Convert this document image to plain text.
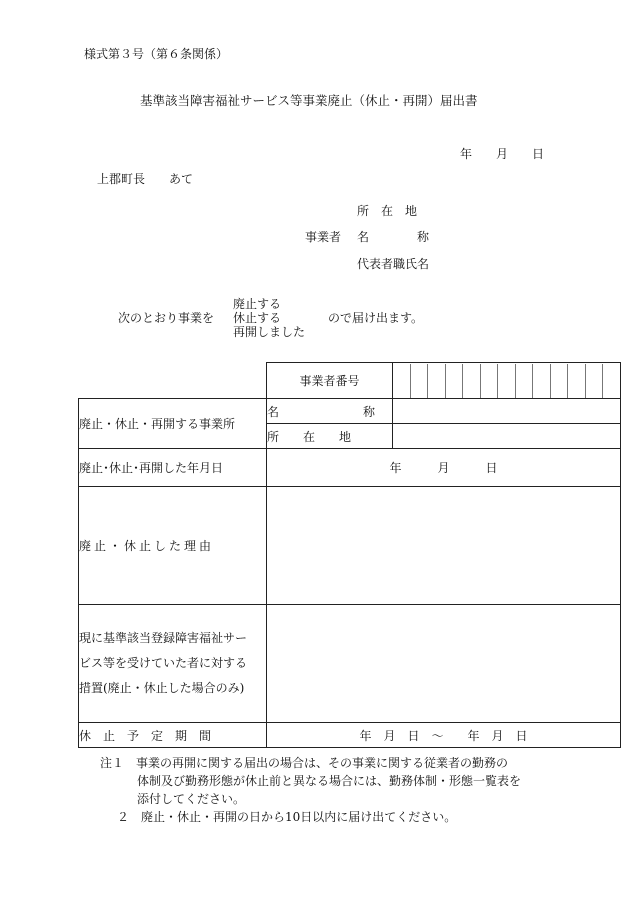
様式第３号（第６条関係）
基準該当障害福祉サービス等事業廃止（休止・再開）届出書
年　　月　　日
上郡町長　　あて
所　在　地
事業者 名　　　　称
代表者職氏名
次のとおり事業を
廃止する
休止する
再開しました
ので届け出ます。
	事業者番号	

廃止・休止・再開する事業所	名　　　　　　　称	
	所　　在　　地	
廃止･休止･再開した年月日	年　　　月　　　日	
廃止・休止した理由		

現に基準該当登録障害福祉サー
ビス等を受けていた者に対する
措置(廃止・休止した場合のみ)		

休　止　予　定　期　間	年　月　日　～　　年　月　日	
注１　 事業の再開に関する届出の場合は、その事業に関する従業者の勤務の
体制及び勤務形態が休止前と異なる場合には、勤務体制・形態一覧表を
添付してください。
２　 廃止・休止・再開の日から10日以内に届け出てください。
